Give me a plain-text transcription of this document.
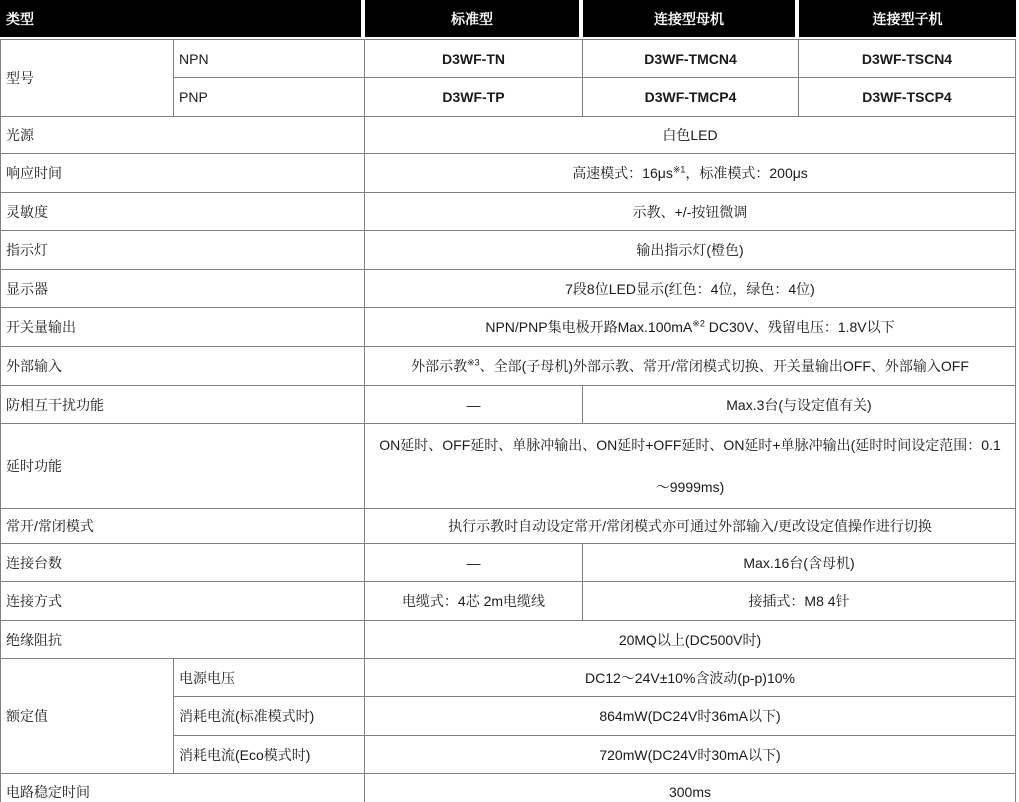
类型		标准型	连接型母机	连接型子机
型号	NPN	D3WF-TN	D3WF-TMCN4	D3WF-TSCN4
	PNP	D3WF-TP	D3WF-TMCP4	D3WF-TSCP4
光源		白色LED		
响应时间		高速模式：$16\mu s^{※1}$，标准模式：200μs		
灵敏度		示教、+/-按钮微调		
指示灯		输出指示灯(橙色)		
显示器		7段8位LED显示(红色：4位，绿色：4位)		
开关量输出		NPN/PNP集电极开路$Max.100mA^{※2}$ DC30V、残留电压：1.8V以下		
外部输入		外部示教$^{※3}$、全部(子母机)外部示教、常开/常闭模式切换、开关量输出OFF、外部输入OFF		
防相互干扰功能		—	Max.3台(与设定值有关)	
延时功能		ON延时、OFF延时、单脉冲输出、ON延时+OFF延时、ON延时+单脉冲输出(延时时间设定范围：0.1～9999ms)		
常开/常闭模式		执行示教时自动设定常开/常闭模式亦可通过外部输入/更改设定值操作进行切换		
连接台数		—	Max.16台(含母机)	
连接方式		电缆式：4芯 2m电缆线	接插式：M8 4针	
绝缘阻抗		20MQ以上(DC500V时)		
额定值	电源电压	DC12～24V±10%含波动(p-p)10%		
	消耗电流(标准模式时)	864mW(DC24V时36mA以下)		
	消耗电流(Eco模式时)	720mW(DC24V时30mA以下)		
电路稳定时间		300ms		
